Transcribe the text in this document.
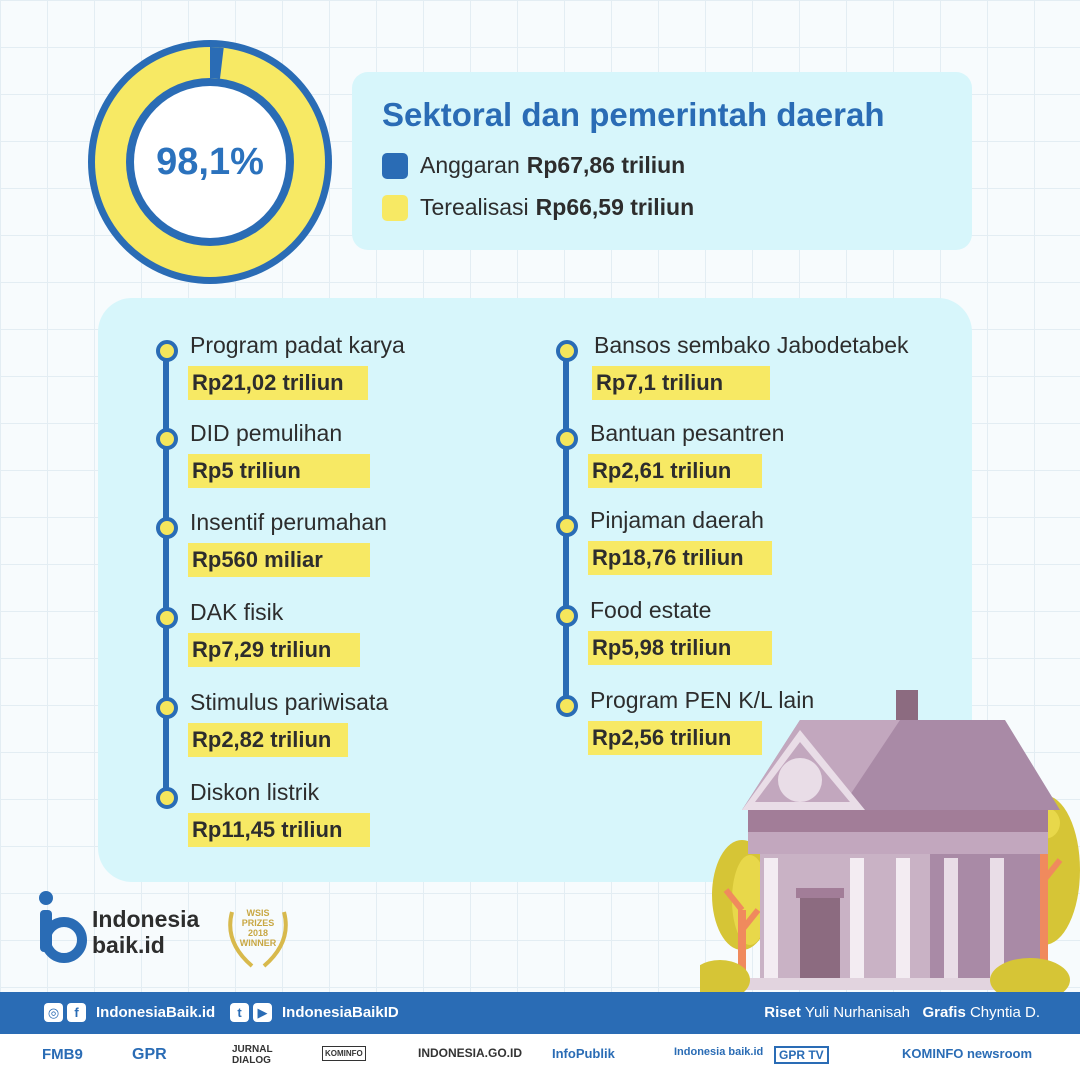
98,1%
Sektoral dan pemerintah daerah
Anggaran Rp67,86 triliun
Terealisasi Rp66,59 triliun
Program padat karya
Rp21,02 triliun
DID pemulihan
Rp5 triliun
Insentif perumahan
Rp560 miliar
DAK fisik
Rp7,29 triliun
Stimulus pariwisata
Rp2,82 triliun
Diskon listrik
Rp11,45 triliun
Bansos sembako Jabodetabek
Rp7,1 triliun
Bantuan pesantren
Rp2,61 triliun
Pinjaman daerah
Rp18,76 triliun
Food estate
Rp5,98 triliun
Program PEN K/L lain
Rp2,56 triliun
Indonesia
baik.id
WSIS PRIZES 2018 WINNER
◎	f	IndonesiaBaik.id	t	▶ IndonesiaBaikID	Riset Yuli Nurhanisah Grafis Chyntia D.
FMB9	GPR	JURNAL DIALOG
KOMINFO	INDONESIA.GO.ID InfoPublik	Indonesia baik.id	GPR TV	KOMINFO newsroom
